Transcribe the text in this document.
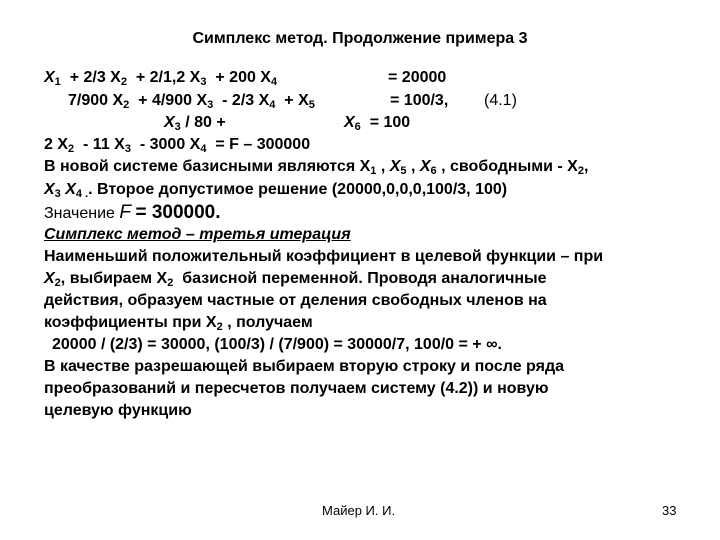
Симплекс метод. Продолжение примера 3
$X_1 + 2/3$ $X_2 + 2/1,2$ $X_3 + 200$ $X_4$	= 20000
7/900 $X_2 + 4/900$ $X_3 - 2/3$ $X_4 + X_5$	= 100/3, (4.1)
$X_3 / 80$ +	$X_6 = 100$
2 $X_2 - 11$ $X_3 - 3000$ $X_4 = F - 300000$
В новой системе базисными являются $X_1$ , $X_5$ , $X_6$ , свободными - $X_2$,
$X_3$ $X_{4 .}$. Второе допустимое решение (20000,0,0,0,100/3, 100)
Значение F = 300000.
Симплекс метод – третья итерация
Наименьший положительный коэффициент в целевой функции – при
$X_2$, выбираем $X_2$ базисной переменной. Проводя аналогичные
действия, образуем частные от деления свободных членов на
коэффициенты при $X_2$ , получаем
20000 / (2/3) = 30000, (100/3) / (7/900) = 30000/7, 100/0 = + ∞.
В качестве разрешающей выбираем вторую строку и после ряда
преобразований и пересчетов получаем систему (4.2)) и новую
целевую функцию
Майер И. И.	33
